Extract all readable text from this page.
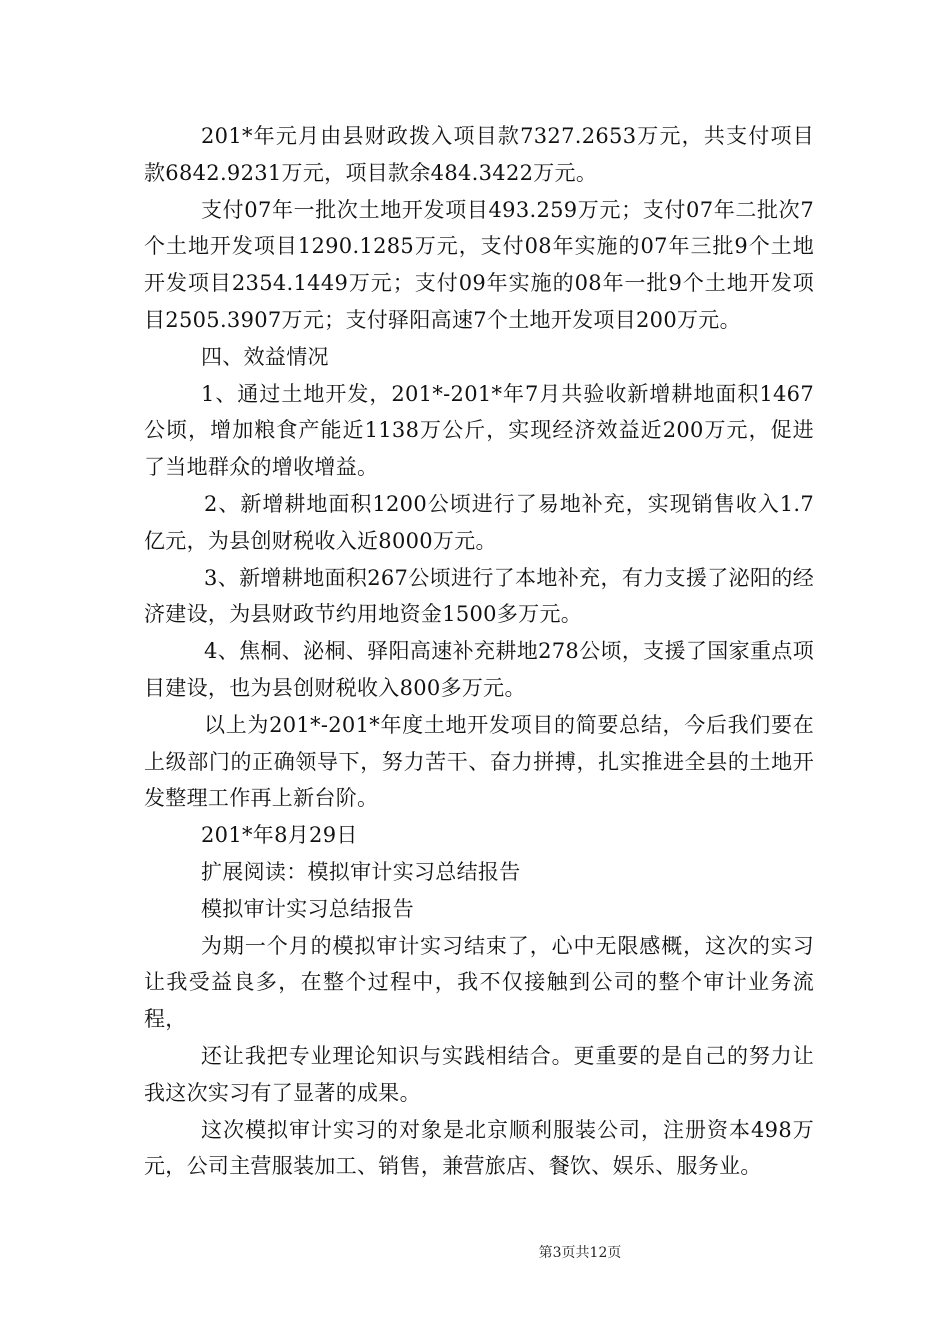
201*年元月由县财政拨入项目款7327.2653万元，共支付项目款6842.9231万元，项目款余484.3422万元。

支付07年一批次土地开发项目493.259万元；支付07年二批次7个土地开发项目1290.1285万元，支付08年实施的07年三批9个土地开发项目2354.1449万元；支付09年实施的08年一批9个土地开发项目2505.3907万元；支付驿阳高速7个土地开发项目200万元。

四、效益情况

1、通过土地开发，201*-201*年7月共验收新增耕地面积1467公顷，增加粮食产能近1138万公斤，实现经济效益近200万元，促进了当地群众的增收增益。

2、新增耕地面积1200公顷进行了易地补充，实现销售收入1.7亿元，为县创财税收入近8000万元。

3、新增耕地面积267公顷进行了本地补充，有力支援了泌阳的经济建设，为县财政节约用地资金1500多万元。

4、焦桐、泌桐、驿阳高速补充耕地278公顷，支援了国家重点项目建设，也为县创财税收入800多万元。

以上为201*-201*年度土地开发项目的简要总结，今后我们要在上级部门的正确领导下，努力苦干、奋力拼搏，扎实推进全县的土地开发整理工作再上新台阶。

201*年8月29日

扩展阅读：模拟审计实习总结报告

模拟审计实习总结报告

为期一个月的模拟审计实习结束了，心中无限感概，这次的实习让我受益良多，在整个过程中，我不仅接触到公司的整个审计业务流程，

还让我把专业理论知识与实践相结合。更重要的是自己的努力让我这次实习有了显著的成果。

这次模拟审计实习的对象是北京顺利服装公司，注册资本498万元，公司主营服装加工、销售，兼营旅店、餐饮、娱乐、服务业。

第3页共12页
